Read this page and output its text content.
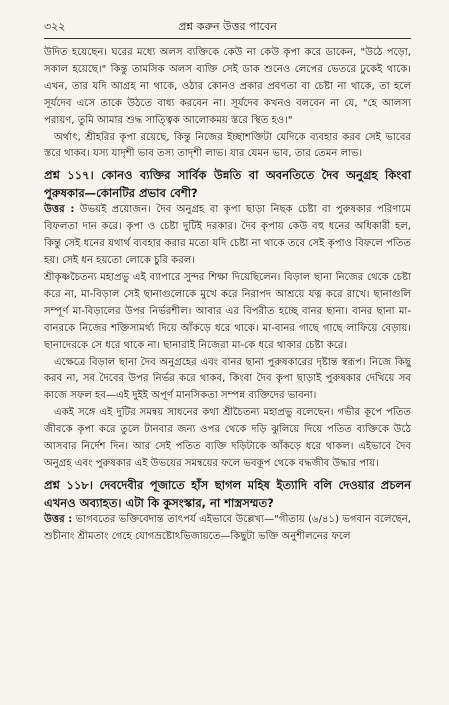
৩২২	প্রশ্ন করুন উত্তর পাবেন

উদিত হয়েছেন। ঘরের মধ্যে অলস ব্যক্তিকে কেউ না কেউ কৃপা করে ডাকেন, "উঠে পড়ো, সকাল হয়েছে।" কিন্তু তামসিক অলস ব্যক্তি সেই ডাক শুনেও লেপের ভেতরে ঢুকেই থাকে। এখন, তার যদি আগ্রহ না থাকে, ওঠার কোনও প্রকার প্রবণতা বা চেষ্টা না থাকে, তা হলে সূর্যদেব এসে তাকে উঠতে বাধ্য করবেন না। সূর্যদেব কখনও বলবেন না যে, "হে আলস্য পরায়ণ, তুমি আমার শুদ্ধ সাত্ত্বিক আলোকময় স্তরে স্থিত হও।"

অর্থাৎ, শ্রীহরির কৃপা রয়েছে, কিন্তু নিজের ইচ্ছাশক্তিটা যেদিকে ব্যবহার করব সেই ভাবের স্তরে থাকব। যস্য যাদৃশী ভাব তস্য তাদৃশী লাভ। যার যেমন ভাব, তার তেমন লাভ।

প্রশ্ন ১১৭। কোনও ব্যক্তির সার্বিক উন্নতি বা অবনতিতে দৈব অনুগ্রহ কিংবা পুরুষকার—কোনটির প্রভাব বেশী?

উত্তর : উভয়ই প্রয়োজন। দৈব অনুগ্রহ বা কৃপা ছাড়া নিছক চেষ্টা বা পুরুষকার পরিণামে বিফলতা দান করে। কৃপা ও চেষ্টা দুটিই দরকার। দৈব কৃপায় কেউ বহু ধনের অধিকারী হল, কিন্তু সেই ধনের যথার্থ ব্যবহার করার মতো যদি চেষ্টা না থাকে তবে সেই কৃপাও বিফলে পতিত হয়। সেই ধন হয়তো লোকে চুরি করল।

শ্রীকৃষ্ণচৈতন্য মহাপ্রভু এই ব্যাপারে সুন্দর শিক্ষা দিয়েছিলেন। বিড়াল ছানা নিজের থেকে চেষ্টা করে না, মা-বিড়াল সেই ছানাগুলোকে মুখে করে নিরাপদ আশ্রয়ে যত্ন করে রাখে। ছানাগুলি সম্পূর্ণ মা-বিড়ালের উপর নির্ভরশীল। আবার এর বিপরীত হচ্ছে বানর ছানা। বানর ছানা মা-বানরকে নিজের শক্তিসামর্থ্য দিয়ে আঁকড়ে ধরে থাকে। মা-বানর গাছে গাছে লাফিয়ে বেড়ায়। ছানাদেরকে সে ধরে থাকে না। ছানারাই নিজেরা মা-কে ধরে থাকার চেষ্টা করে।

এক্ষেত্রে বিড়াল ছানা দৈব অনুগ্রহের এবং বানর ছানা পুরুষকারের দৃষ্টান্ত স্বরূপ। নিজে কিছু করব না, সব দৈবের উপর নির্ভর করে থাকব, কিংবা দৈব কৃপা ছাড়াই পুরুষকার দেখিয়ে সব কাজে সফল হব—এই দুইই অপূর্ণ মানসিকতা সম্পন্ন ব্যক্তিদের ভাবনা।

একই সঙ্গে এই দুটির সমন্বয় সাধনের কথা শ্রীচৈতন্য মহাপ্রভু বলেছেন। গভীর কূপে পতিত জীবকে কৃপা করে তুলে টানবার জন্য ওপর থেকে দড়ি ঝুলিয়ে দিয়ে পতিত ব্যক্তিকে উঠে আসবার নির্দেশ দিন। আর সেই পতিত ব্যক্তি দড়িটাকে আঁকড়ে ধরে থাকল। এইভাবে দৈব অনুগ্রহ এবং পুরুষকার এই উভয়ের সমন্বয়ের ফলে ভবকূপ থেকে বদ্ধজীব উদ্ধার পায়।

প্রশ্ন ১১৮। দেবদেবীর পূজাতে হাঁস ছাগল মহিষ ইত্যাদি বলি দেওয়ার প্রচলন এখনও অব্যাহত। এটা কি কুসংস্কার, না শাস্ত্রসম্মত?

উত্তর : ভাগবতের ভক্তিবেদান্ত তাৎপর্য এইভাবে উল্লেখ্য—"গীতায় (৬/৪১) ভগবান বলেছেন, শুচীনাং শ্রীমতাং গেহে যোগভ্রষ্টোঽভিজায়তে—কিছুটা ভক্তি অনুশীলনের ফলে
